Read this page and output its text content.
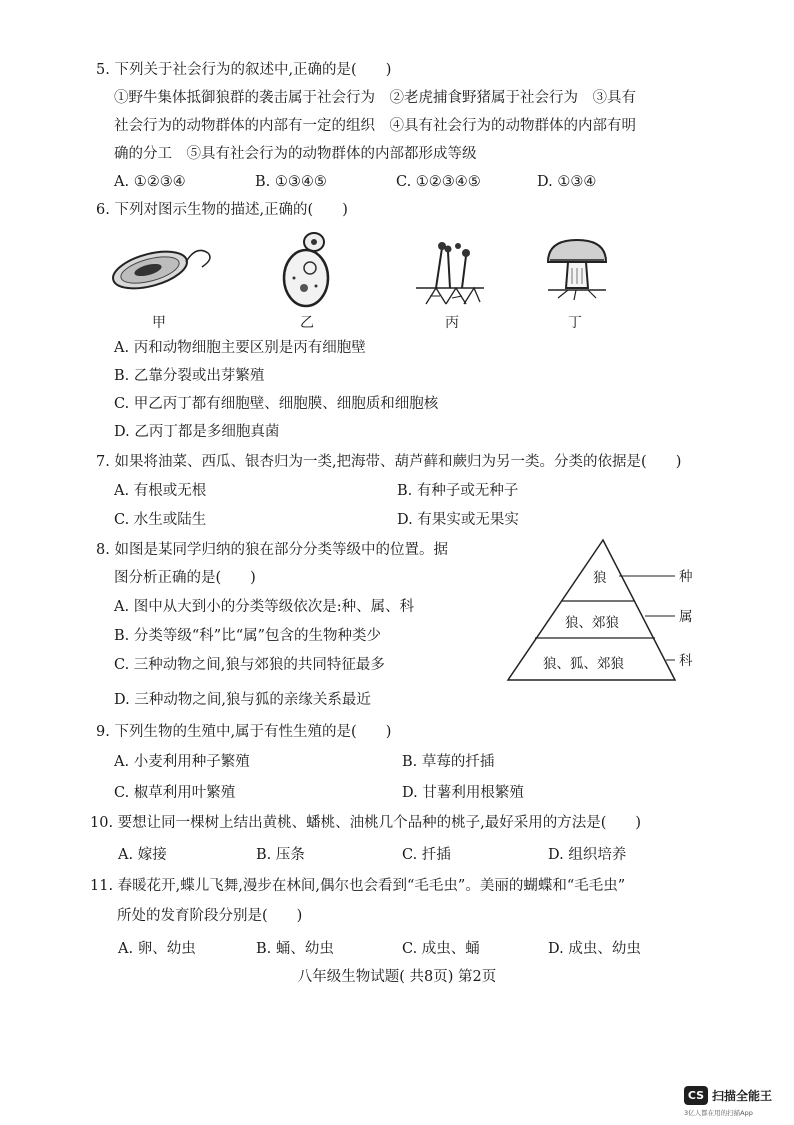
5. 下列关于社会行为的叙述中,正确的是(　　)
①野牛集体抵御狼群的袭击属于社会行为　②老虎捕食野猪属于社会行为　③具有
社会行为的动物群体的内部有一定的组织　④具有社会行为的动物群体的内部有明
确的分工　⑤具有社会行为的动物群体的内部都形成等级
A. ①②③④	B. ①③④⑤	C. ①②③④⑤	D. ①③④
6. 下列对图示生物的描述,正确的(　　)
甲	乙	丙	丁
A. 丙和动物细胞主要区别是丙有细胞壁
B. 乙靠分裂或出芽繁殖
C. 甲乙丙丁都有细胞壁、细胞膜、细胞质和细胞核
D. 乙丙丁都是多细胞真菌
7. 如果将油菜、西瓜、银杏归为一类,把海带、葫芦藓和蕨归为另一类。分类的依据是(　　)
A. 有根或无根	B. 有种子或无种子
C. 水生或陆生	D. 有果实或无果实
8. 如图是某同学归纳的狼在部分分类等级中的位置。据
图分析正确的是(　　)
A. 图中从大到小的分类等级依次是:种、属、科
B. 分类等级“科”比“属”包含的生物种类少
C. 三种动物之间,狼与郊狼的共同特征最多
D. 三种动物之间,狼与狐的亲缘关系最近
狼
狼、郊狼
狼、狐、郊狼
种
属
科
9. 下列生物的生殖中,属于有性生殖的是(　　)
A. 小麦利用种子繁殖	B. 草莓的扦插
C. 椒草利用叶繁殖	D. 甘薯利用根繁殖
10. 要想让同一棵树上结出黄桃、蟠桃、油桃几个品种的桃子,最好采用的方法是(　　)
A. 嫁接	B. 压条	C. 扦插	D. 组织培养
11. 春暖花开,蝶儿飞舞,漫步在林间,偶尔也会看到“毛毛虫”。美丽的蝴蝶和“毛毛虫”
所处的发育阶段分别是(　　)
A. 卵、幼虫	B. 蛹、幼虫	C. 成虫、蛹	D. 成虫、幼虫
八年级生物试题( 共8页) 第2页
CS 扫描全能王
3亿人都在用的扫描App
